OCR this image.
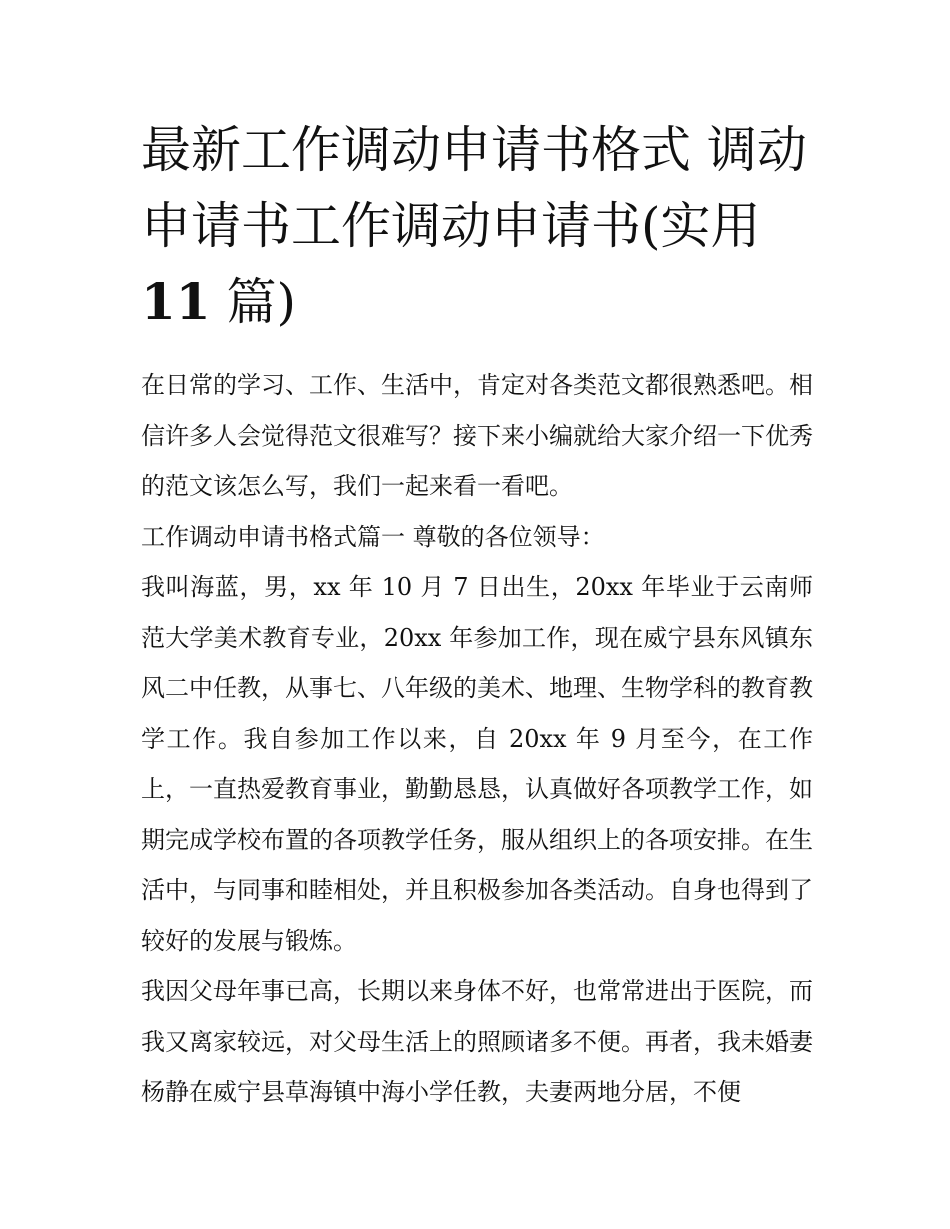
最新工作调动申请书格式 调动申请书工作调动申请书(实用11 篇)

在日常的学习、工作、生活中，肯定对各类范文都很熟悉吧。相信许多人会觉得范文很难写？接下来小编就给大家介绍一下优秀的范文该怎么写，我们一起来看一看吧。

工作调动申请书格式篇一 尊敬的各位领导：

我叫海蓝，男，xx 年 10 月 7 日出生，20xx 年毕业于云南师范大学美术教育专业，20xx 年参加工作，现在威宁县东风镇东风二中任教，从事七、八年级的美术、地理、生物学科的教育教学工作。我自参加工作以来，自 20xx 年 9 月至今，在工作上，一直热爱教育事业，勤勤恳恳，认真做好各项教学工作，如期完成学校布置的各项教学任务，服从组织上的各项安排。在生活中，与同事和睦相处，并且积极参加各类活动。自身也得到了较好的发展与锻炼。

我因父母年事已高，长期以来身体不好，也常常进出于医院，而我又离家较远，对父母生活上的照顾诸多不便。再者，我未婚妻杨静在威宁县草海镇中海小学任教，夫妻两地分居，不便
